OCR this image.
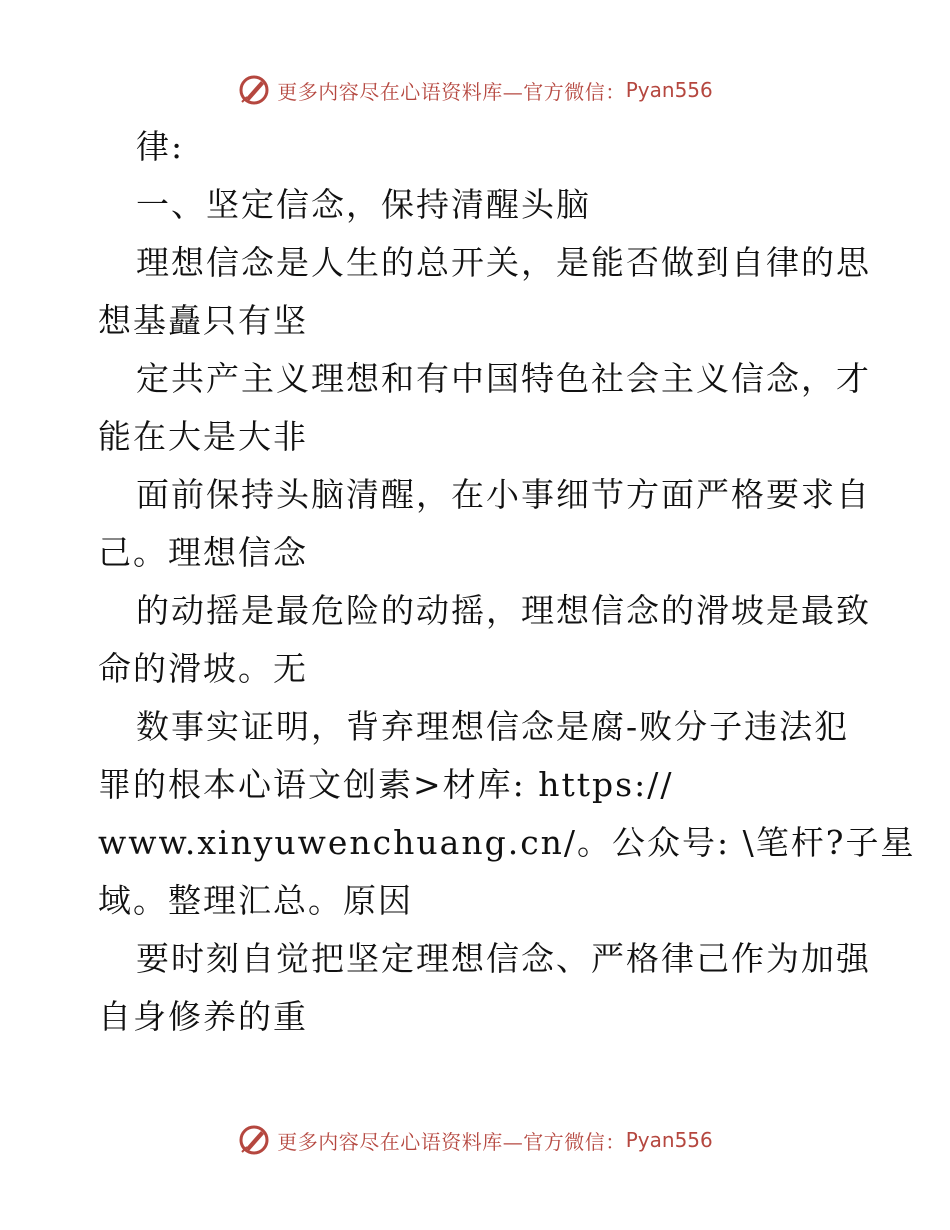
更多内容尽在心语资料库—官方微信： Pyan556
律:
一、坚定信念，保持清醒头脑
理想信念是人生的总开关，是能否做到自律的思
想基矗只有坚
定共产主义理想和有中国特色社会主义信念，才
能在大是大非
面前保持头脑清醒，在小事细节方面严格要求自
己。理想信念
的动摇是最危险的动摇，理想信念的滑坡是最致
命的滑坡。无
数事实证明，背弃理想信念是腐-败分子违法犯
罪的根本心语文创素>材库: https://
www.xinyuwenchuang.cn/。公众号: \笔杆?子星
域。整理汇总。原因
要时刻自觉把坚定理想信念、严格律己作为加强
自身修养的重
更多内容尽在心语资料库—官方微信： Pyan556
